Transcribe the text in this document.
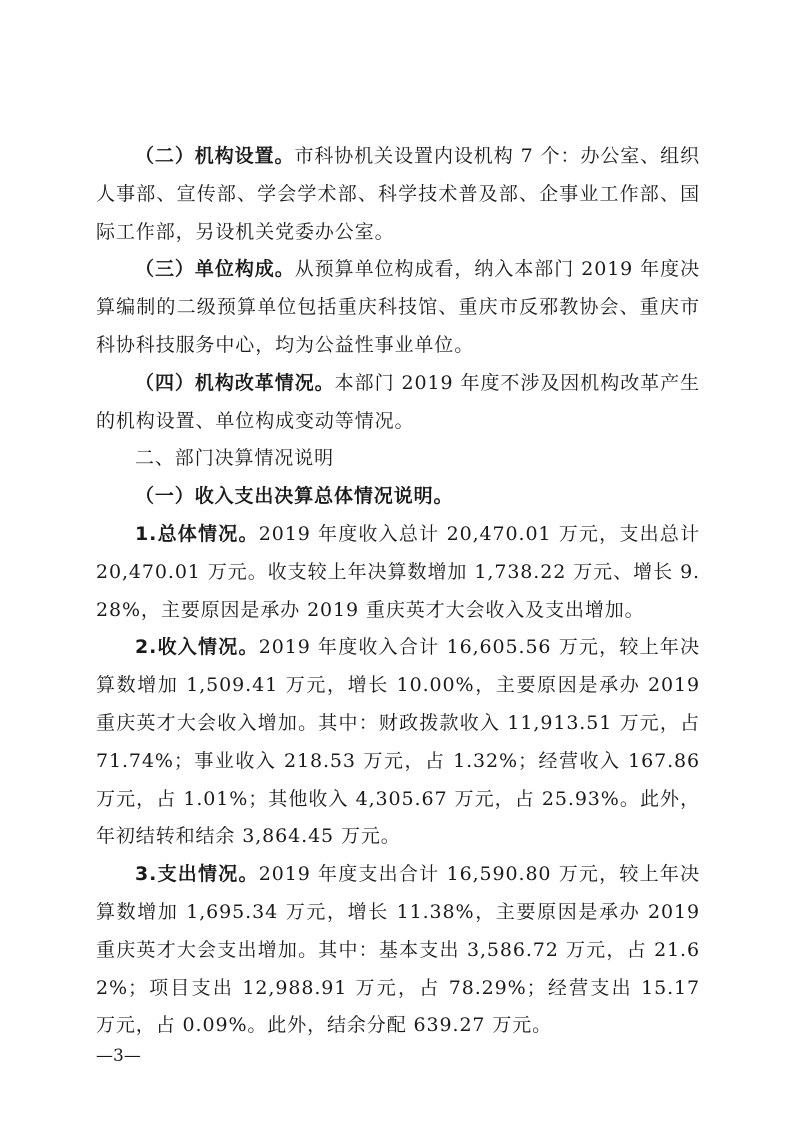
（二）机构设置。市科协机关设置内设机构 7 个：办公室、组织人事部、宣传部、学会学术部、科学技术普及部、企事业工作部、国际工作部，另设机关党委办公室。

（三）单位构成。从预算单位构成看，纳入本部门 2019 年度决算编制的二级预算单位包括重庆科技馆、重庆市反邪教协会、重庆市科协科技服务中心，均为公益性事业单位。

（四）机构改革情况。本部门 2019 年度不涉及因机构改革产生的机构设置、单位构成变动等情况。

二、部门决算情况说明

（一）收入支出决算总体情况说明。

1.总体情况。2019 年度收入总计 20,470.01 万元，支出总计 20,470.01 万元。收支较上年决算数增加 1,738.22 万元、增长 9.28%，主要原因是承办 2019 重庆英才大会收入及支出增加。

2.收入情况。2019 年度收入合计 16,605.56 万元，较上年决算数增加 1,509.41 万元，增长 10.00%，主要原因是承办 2019 重庆英才大会收入增加。其中：财政拨款收入 11,913.51 万元，占 71.74%；事业收入 218.53 万元，占 1.32%；经营收入 167.86 万元，占 1.01%；其他收入 4,305.67 万元，占 25.93%。此外，年初结转和结余 3,864.45 万元。

3.支出情况。2019 年度支出合计 16,590.80 万元，较上年决算数增加 1,695.34 万元，增长 11.38%，主要原因是承办 2019 重庆英才大会支出增加。其中：基本支出 3,586.72 万元，占 21.62%；项目支出 12,988.91 万元，占 78.29%；经营支出 15.17 万元，占 0.09%。此外，结余分配 639.27 万元。

—3—
